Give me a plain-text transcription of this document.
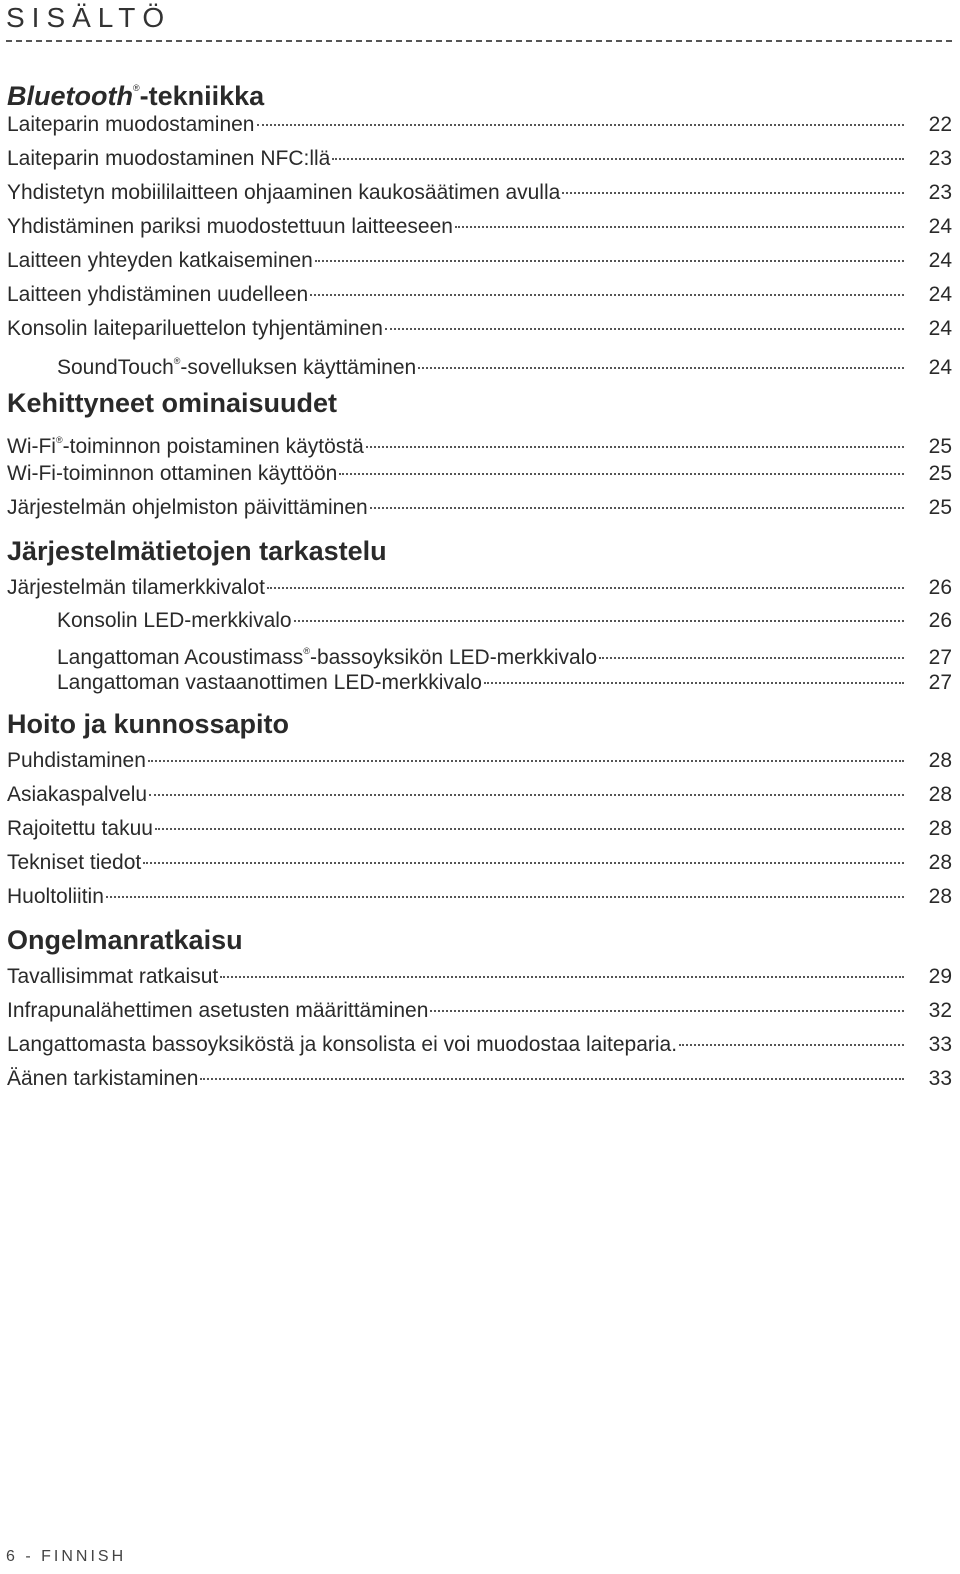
SISÄLTÖ
Bluetooth®-tekniikka
Laiteparin muodostaminen	22
Laiteparin muodostaminen NFC:llä	23
Yhdistetyn mobiililaitteen ohjaaminen kaukosäätimen avulla	23
Yhdistäminen pariksi muodostettuun laitteeseen	24
Laitteen yhteyden katkaiseminen	24
Laitteen yhdistäminen uudelleen	24
Konsolin laitepariluettelon tyhjentäminen	24
SoundTouch®-sovelluksen käyttäminen	24
Kehittyneet ominaisuudet
Wi-Fi®-toiminnon poistaminen käytöstä	25
Wi-Fi-toiminnon ottaminen käyttöön	25
Järjestelmän ohjelmiston päivittäminen	25
Järjestelmätietojen tarkastelu
Järjestelmän tilamerkkivalot	26
Konsolin LED-merkkivalo	26
Langattoman Acoustimass®-bassoyksikön LED-merkkivalo	27
Langattoman vastaanottimen LED-merkkivalo	27
Hoito ja kunnossapito
Puhdistaminen	28
Asiakaspalvelu	28
Rajoitettu takuu	28
Tekniset tiedot	28
Huoltoliitin	28
Ongelmanratkaisu
Tavallisimmat ratkaisut	29
Infrapunalähettimen asetusten määrittäminen	32
Langattomasta bassoyksiköstä ja konsolista ei voi muodostaa laiteparia.	33
Äänen tarkistaminen	33
6 - FINNISH
